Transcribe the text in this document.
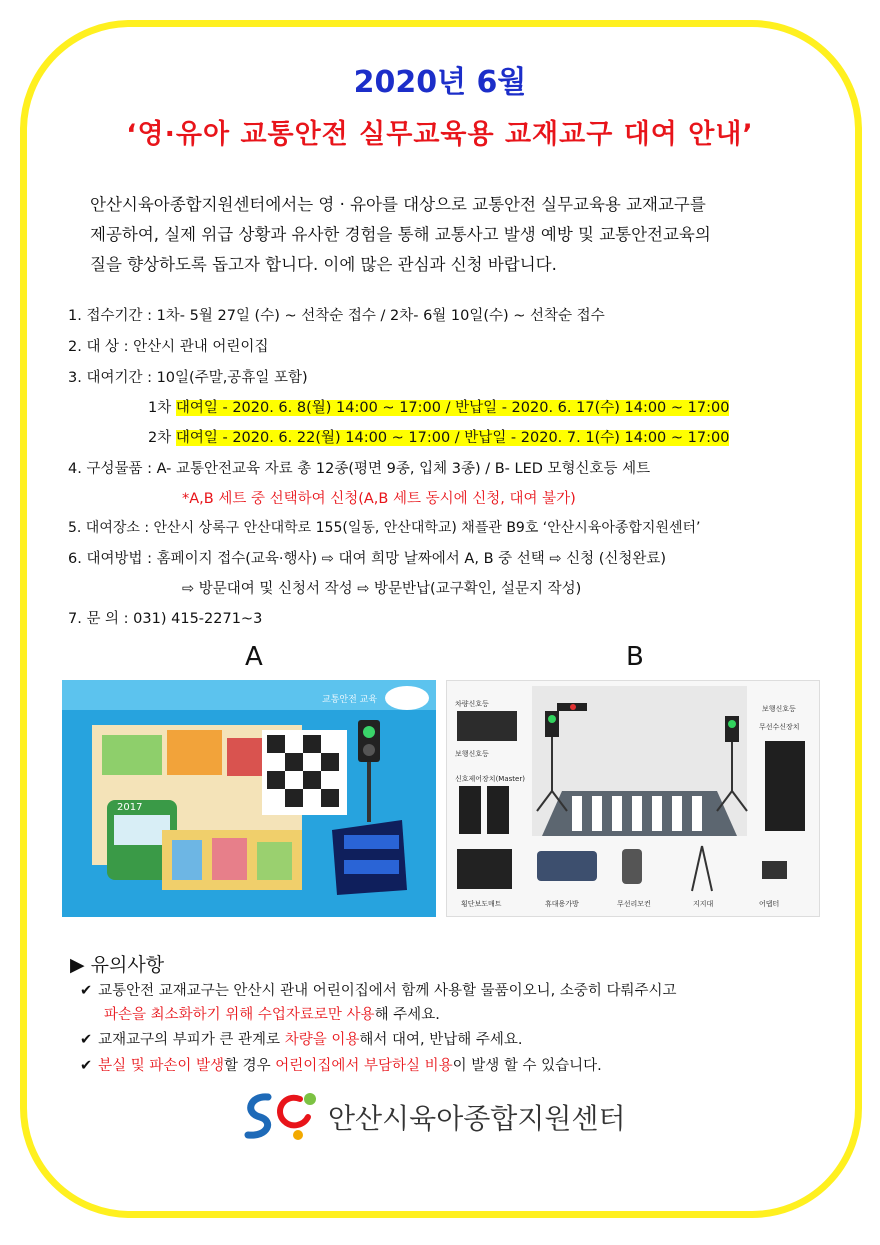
2020년 6월
‘영·유아 교통안전 실무교육용 교재교구 대여 안내’
안산시육아종합지원센터에서는 영 · 유아를 대상으로 교통안전 실무교육용 교재교구를
제공하여, 실제 위급 상황과 유사한 경험을 통해 교통사고 발생 예방 및 교통안전교육의
질을 향상하도록 돕고자 합니다. 이에 많은 관심과 신청 바랍니다.
1. 접수기간 : 1차- 5월 27일 (수) ~ 선착순 접수 / 2차- 6월 10일(수) ~ 선착순 접수
2. 대 상 : 안산시 관내 어린이집
3. 대여기간 : 10일(주말,공휴일 포함)
1차 대여일 - 2020. 6. 8(월) 14:00 ~ 17:00 / 반납일 - 2020. 6. 17(수) 14:00 ~ 17:00
2차 대여일 - 2020. 6. 22(월) 14:00 ~ 17:00 / 반납일 - 2020. 7. 1(수) 14:00 ~ 17:00
4. 구성물품 : A- 교통안전교육 자료 총 12종(평면 9종, 입체 3종) / B- LED 모형신호등 세트
*A,B 세트 중 선택하여 신청(A,B 세트 동시에 신청, 대여 불가)
5. 대여장소 : 안산시 상록구 안산대학로 155(일동, 안산대학교) 채플관 B9호 ‘안산시육아종합지원센터’
6. 대여방법 : 홈페이지 접수(교육·행사) ⇨ 대여 희망 날짜에서 A, B 중 선택 ⇨ 신청 (신청완료)
⇨ 방문대여 및 신청서 작성 ⇨ 방문반납(교구확인, 설문지 작성)
7. 문 의 : 031) 415-2271~3
A	B
교통안전 교육
2017
차량신호등
보행신호등
신호제어장치(Master)
보행신호등
무선수신장치
횡단보도매트	휴대용가방	무선리모컨	지지대	어댑터
▶ 유의사항
✔ 교통안전 교재교구는 안산시 관내 어린이집에서 함께 사용할 물품이오니, 소중히 다뤄주시고
파손을 최소화하기 위해 수업자료로만 사용해 주세요.
✔ 교재교구의 부피가 큰 관계로 차량을 이용해서 대여, 반납해 주세요.
✔ 분실 및 파손이 발생할 경우 어린이집에서 부담하실 비용이 발생 할 수 있습니다.
안산시육아종합지원센터
